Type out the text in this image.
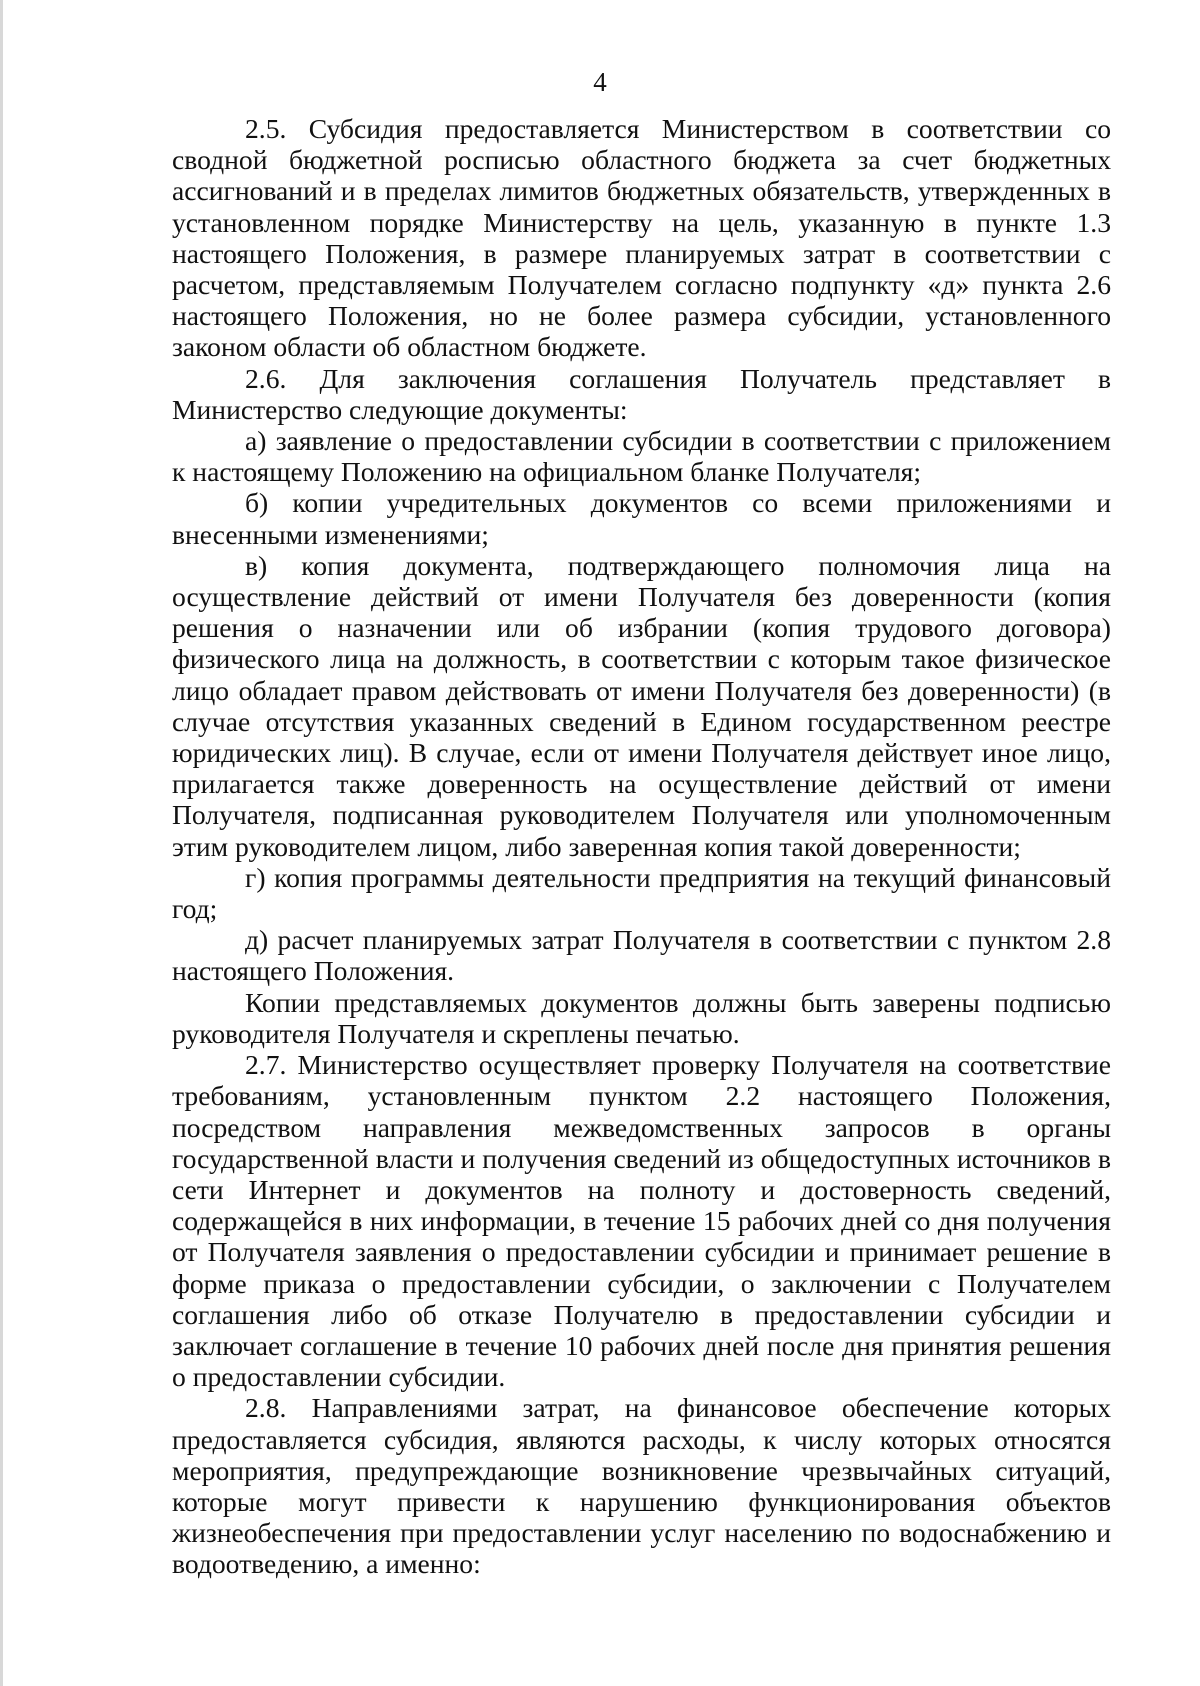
4

2.5. Субсидия предоставляется Министерством в соответствии со сводной бюджетной росписью областного бюджета за счет бюджетных ассигнований и в пределах лимитов бюджетных обязательств, утвержденных в установленном порядке Министерству на цель, указанную в пункте 1.3 настоящего Положения, в размере планируемых затрат в соответствии с расчетом, представляемым Получателем согласно подпункту «д» пункта 2.6 настоящего Положения, но не более размера субсидии, установленного законом области об областном бюджете.

2.6. Для заключения соглашения Получатель представляет в Министерство следующие документы:

а) заявление о предоставлении субсидии в соответствии с приложением к настоящему Положению на официальном бланке Получателя;

б) копии учредительных документов со всеми приложениями и внесенными изменениями;

в) копия документа, подтверждающего полномочия лица на осуществление действий от имени Получателя без доверенности (копия решения о назначении или об избрании (копия трудового договора) физического лица на должность, в соответствии с которым такое физическое лицо обладает правом действовать от имени Получателя без доверенности) (в случае отсутствия указанных сведений в Едином государственном реестре юридических лиц). В случае, если от имени Получателя действует иное лицо, прилагается также доверенность на осуществление действий от имени Получателя, подписанная руководителем Получателя или уполномоченным этим руководителем лицом, либо заверенная копия такой доверенности;

г) копия программы деятельности предприятия на текущий финансовый год;

д) расчет планируемых затрат Получателя в соответствии с пунктом 2.8 настоящего Положения.

Копии представляемых документов должны быть заверены подписью руководителя Получателя и скреплены печатью.

2.7. Министерство осуществляет проверку Получателя на соответствие требованиям, установленным пунктом 2.2 настоящего Положения, посредством направления межведомственных запросов в органы государственной власти и получения сведений из общедоступных источников в сети Интернет и документов на полноту и достоверность сведений, содержащейся в них информации, в течение 15 рабочих дней со дня получения от Получателя заявления о предоставлении субсидии и принимает решение в форме приказа о предоставлении субсидии, о заключении с Получателем соглашения либо об отказе Получателю в предоставлении субсидии и заключает соглашение в течение 10 рабочих дней после дня принятия решения о предоставлении субсидии.

2.8. Направлениями затрат, на финансовое обеспечение которых предоставляется субсидия, являются расходы, к числу которых относятся мероприятия, предупреждающие возникновение чрезвычайных ситуаций, которые могут привести к нарушению функционирования объектов жизнеобеспечения при предоставлении услуг населению по водоснабжению и водоотведению, а именно:
